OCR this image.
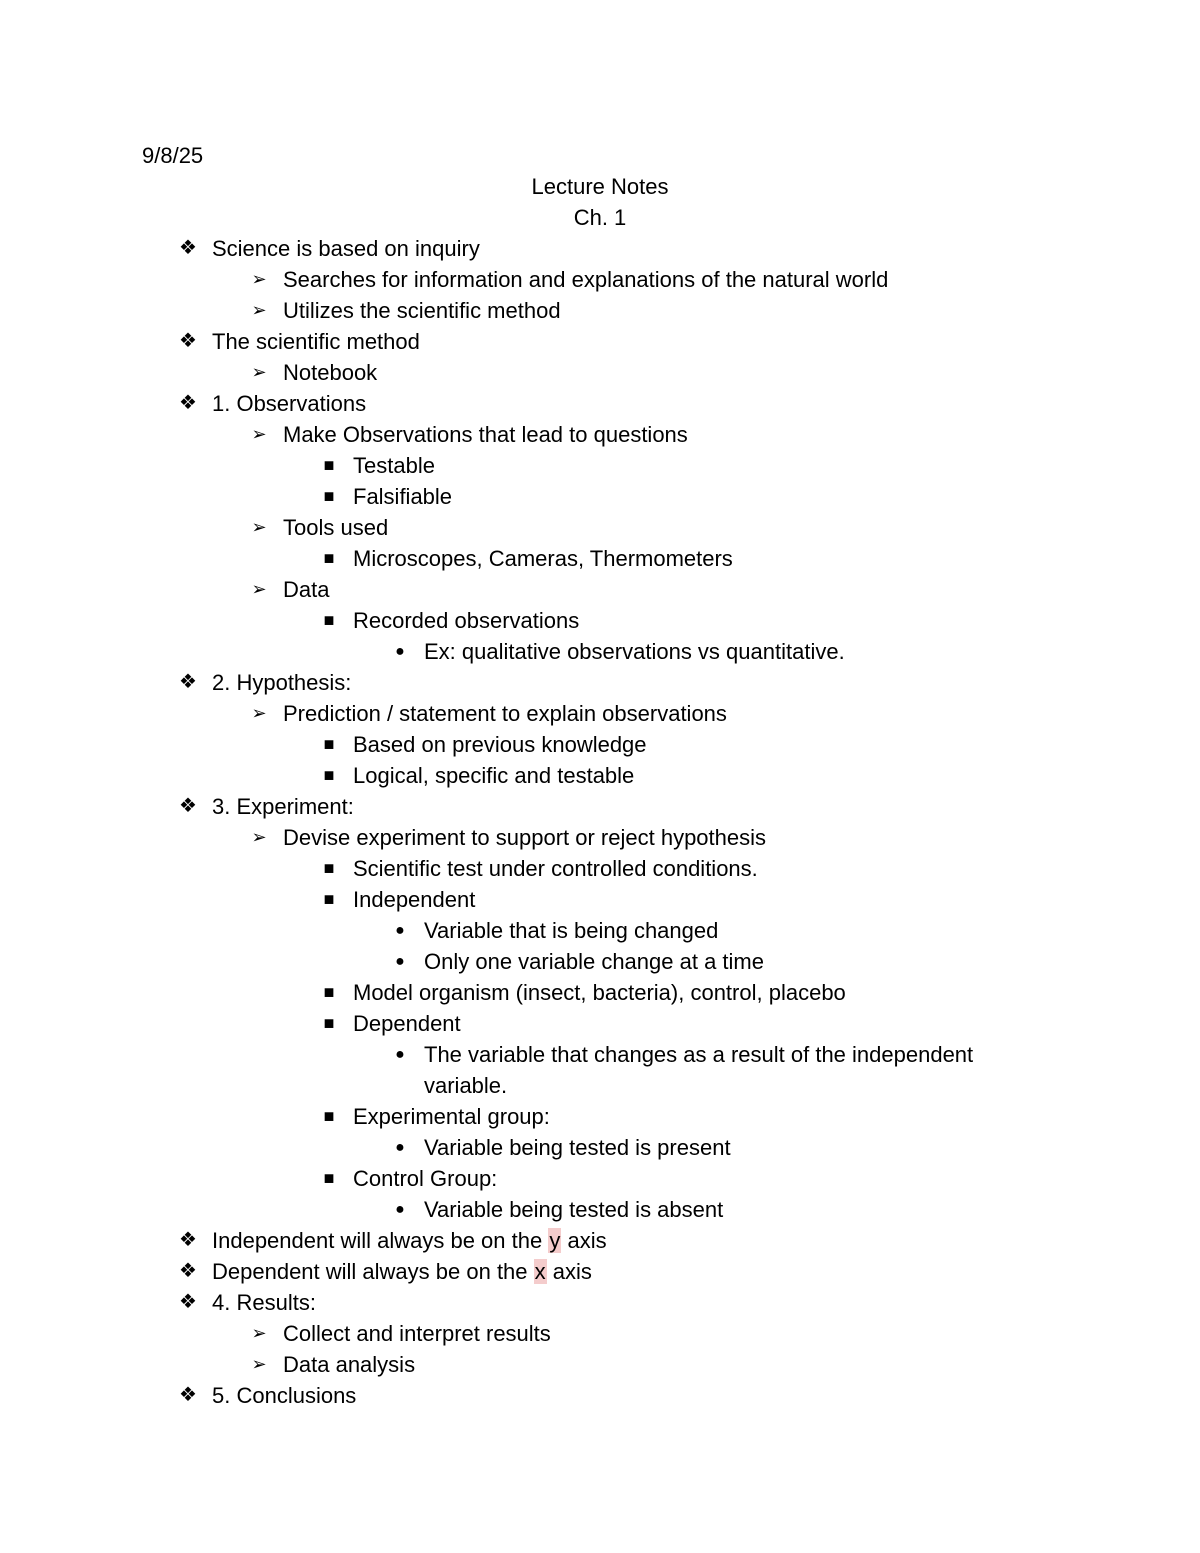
9/8/25
Lecture Notes
Ch. 1
❖ Science is based on inquiry
➢ Searches for information and explanations of the natural world
➢ Utilizes the scientific method
❖ The scientific method
➢ Notebook
❖ 1. Observations
➢ Make Observations that lead to questions
■ Testable
■ Falsifiable
➢ Tools used
■ Microscopes, Cameras, Thermometers
➢ Data
■ Recorded observations
● Ex: qualitative observations vs quantitative.
❖ 2. Hypothesis:
➢ Prediction / statement to explain observations
■ Based on previous knowledge
■ Logical, specific and testable
❖ 3. Experiment:
➢ Devise experiment to support or reject hypothesis
■ Scientific test under controlled conditions.
■ Independent
● Variable that is being changed
● Only one variable change at a time
■ Model organism (insect, bacteria), control, placebo
■ Dependent
● The variable that changes as a result of the independent
variable.
■ Experimental group:
● Variable being tested is present
■ Control Group:
● Variable being tested is absent
❖ Independent will always be on the y axis
❖ Dependent will always be on the x axis
❖ 4. Results:
➢ Collect and interpret results
➢ Data analysis
❖ 5. Conclusions
